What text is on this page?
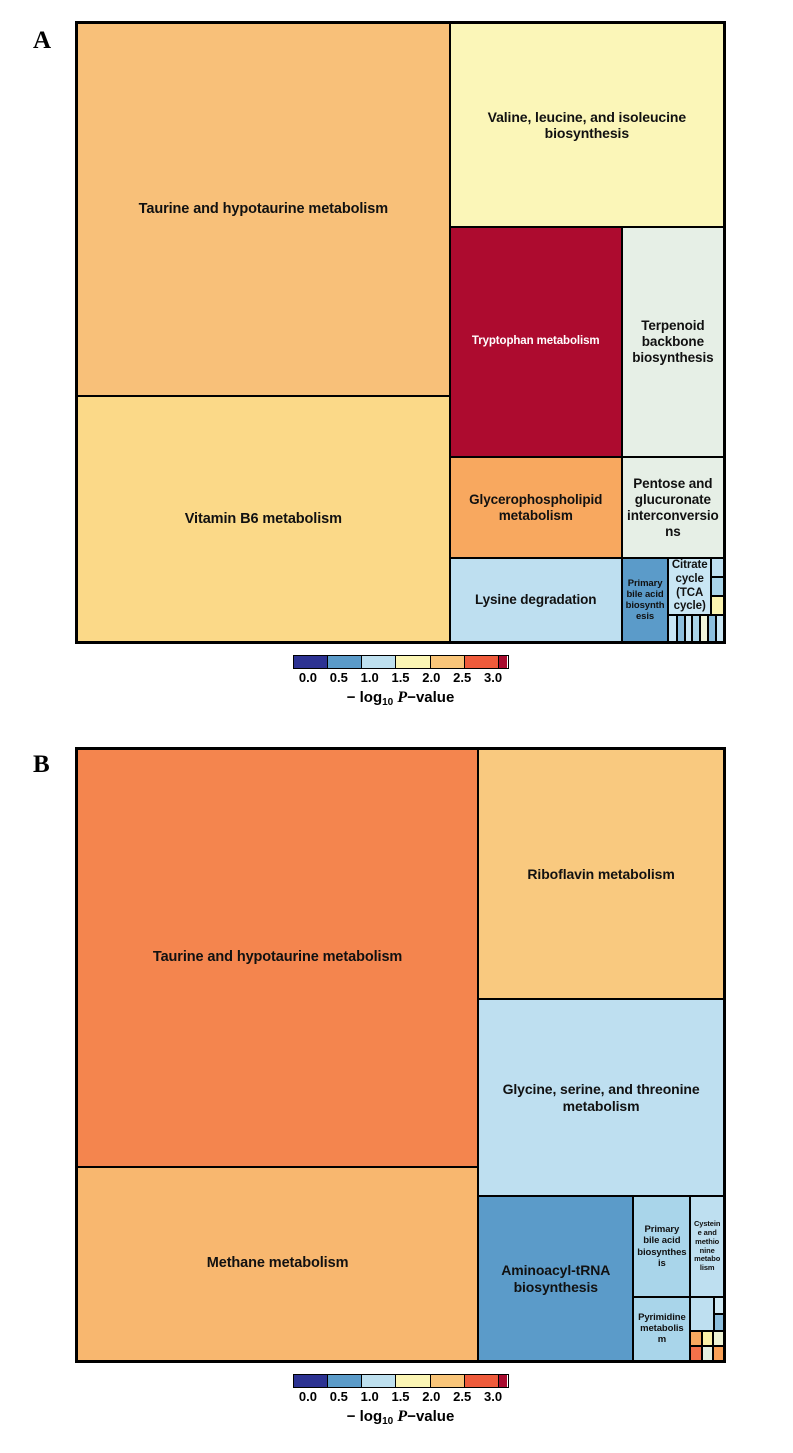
A
Taurine and hypotaurine metabolism
Vitamin B6 metabolism
Valine, leucine, and isoleucine biosynthesis
Tryptophan metabolism
Terpenoid backbone biosynthesis
Glycerophospholipid metabolism
Pentose and glucuronate interconversions
Lysine degradation
Primary bile acid biosynthesis
Citrate cycle (TCA cycle)
0.0 0.5 1.0 1.5 2.0 2.5 3.0
− $\log_{10}$ P−value
B
Taurine and hypotaurine metabolism
Methane metabolism
Riboflavin metabolism
Glycine, serine, and threonine metabolism
Aminoacyl-tRNA biosynthesis
Primary bile acid biosynthesis
Cysteine and methionine metabolism
Pyrimidine metabolism
0.0 0.5 1.0 1.5 2.0 2.5 3.0
− $\log_{10}$ P−value
